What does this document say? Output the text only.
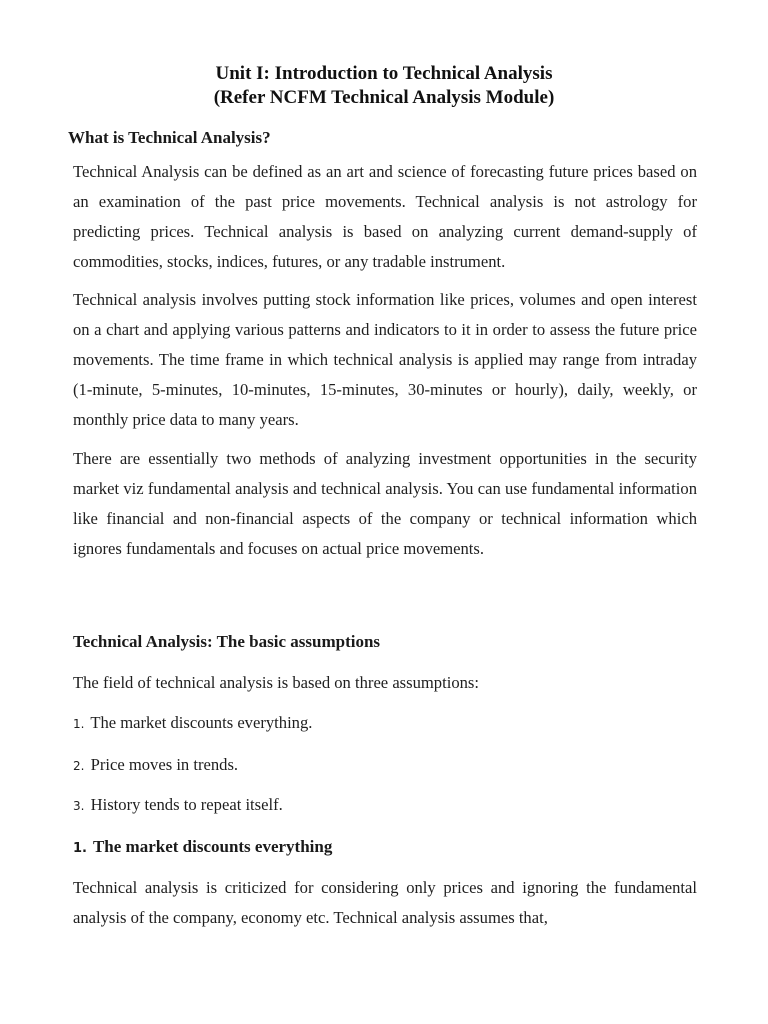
Unit I: Introduction to Technical Analysis
(Refer NCFM Technical Analysis Module)
What is Technical Analysis?

Technical Analysis can be defined as an art and science of forecasting future prices based on an examination of the past price movements. Technical analysis is not astrology for predicting prices. Technical analysis is based on analyzing current demand-supply of commodities, stocks, indices, futures, or any tradable instrument.

Technical analysis involves putting stock information like prices, volumes and open interest on a chart and applying various patterns and indicators to it in order to assess the future price movements. The time frame in which technical analysis is applied may range from intraday (1-minute, 5-minutes, 10-minutes, 15-minutes, 30-minutes or hourly), daily, weekly, or monthly price data to many years.

There are essentially two methods of analyzing investment opportunities in the security market viz fundamental analysis and technical analysis. You can use fundamental information like financial and non-financial aspects of the company or technical information which ignores fundamentals and focuses on actual price movements.

Technical Analysis: The basic assumptions
The field of technical analysis is based on three assumptions:
1. The market discounts everything.
2. Price moves in trends.
3. History tends to repeat itself.
1. The market discounts everything

Technical analysis is criticized for considering only prices and ignoring the fundamental analysis of the company, economy etc. Technical analysis assumes that,
